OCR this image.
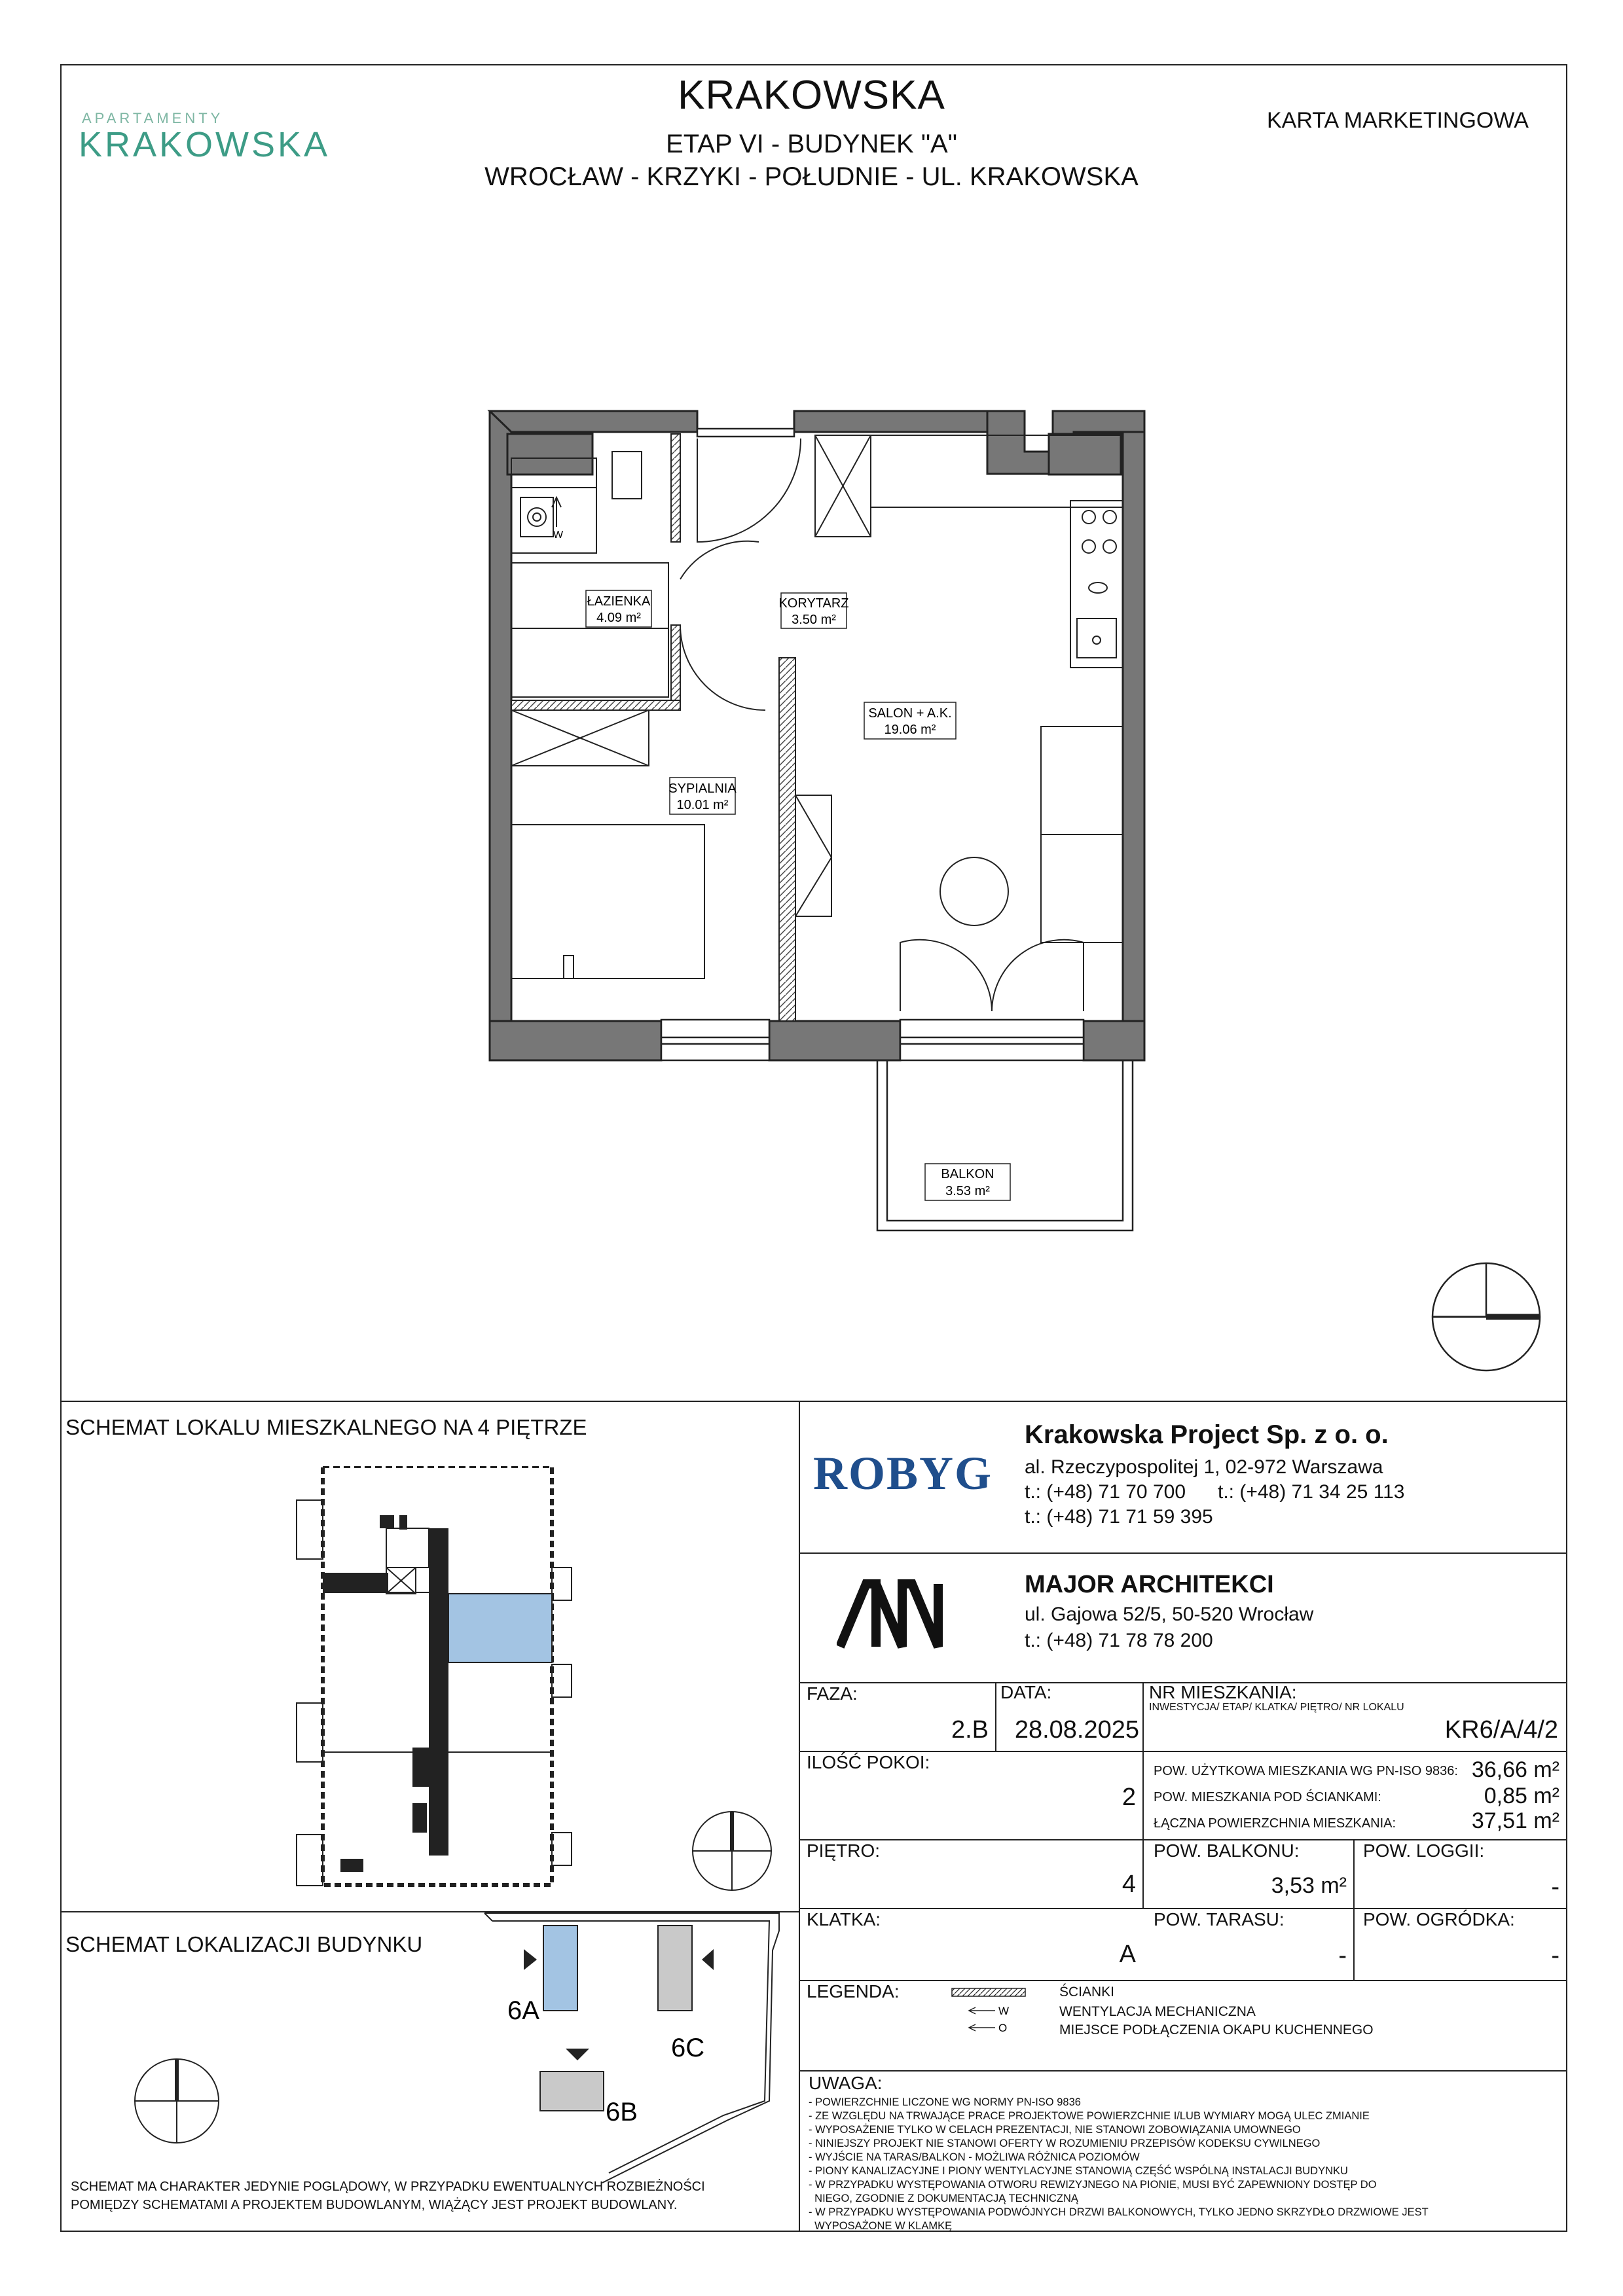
APARTAMENTY
KRAKOWSKA
KRAKOWSKA
ETAP VI - BUDYNEK "A"
WROCŁAW - KRZYKI - POŁUDNIE - UL. KRAKOWSKA
KARTA MARKETINGOWA
W
ŁAZIENKA
4.09 m²
KORYTARZ
3.50 m²
SALON + A.K.
19.06 m²
SYPIALNIA
10.01 m²
BALKON
3.53 m²
SCHEMAT LOKALU MIESZKALNEGO NA 4 PIĘTRZE
SCHEMAT LOKALIZACJI BUDYNKU
6A
6C
6B
SCHEMAT MA CHARAKTER JEDYNIE POGLĄDOWY, W PRZYPADKU EWENTUALNYCH ROZBIEŻNOŚCI
POMIĘDZY SCHEMATAMI A PROJEKTEM BUDOWLANYM, WIĄŻĄCY JEST PROJEKT BUDOWLANY.
ROBYG
Krakowska Project Sp. z o. o.
al. Rzeczypospolitej 1, 02-972 Warszawa
t.: (+48) 71 70 700 t.: (+48) 71 34 25 113
t.: (+48) 71 71 59 395
MAJOR ARCHITEKCI
ul. Gajowa 52/5, 50-520 Wrocław
t.: (+48) 71 78 78 200
FAZA:
2.B
DATA:
28.08.2025
NR MIESZKANIA:
INWESTYCJA/ ETAP/ KLATKA/ PIĘTRO/ NR LOKALU
KR6/A/4/2
ILOŚĆ POKOI:
2
POW. UŻYTKOWA MIESZKANIA WG PN-ISO 9836: 36,66 m²
POW. MIESZKANIA POD ŚCIANKAMI:	0,85 m²
ŁĄCZNA POWIERZCHNIA MIESZKANIA:	37,51 m²
PIĘTRO:
4
POW. BALKONU:
3,53 m²
POW. LOGGII:
-
KLATKA:
A
POW. TARASU:
-
POW. OGRÓDKA:
-
LEGENDA:
W
O
ŚCIANKI
WENTYLACJA MECHANICZNA
MIEJSCE PODŁĄCZENIA OKAPU KUCHENNEGO
UWAGA:
- POWIERZCHNIE LICZONE WG NORMY PN-ISO 9836
- ZE WZGLĘDU NA TRWAJĄCE PRACE PROJEKTOWE POWIERZCHNIE I/LUB WYMIARY MOGĄ ULEC ZMIANIE
- WYPOSAŻENIE TYLKO W CELACH PREZENTACJI, NIE STANOWI ZOBOWIĄZANIA UMOWNEGO
- NINIEJSZY PROJEKT NIE STANOWI OFERTY W ROZUMIENIU PRZEPISÓW KODEKSU CYWILNEGO
- WYJŚCIE NA TARAS/BALKON - MOŻLIWA RÓŻNICA POZIOMÓW
- PIONY KANALIZACYJNE I PIONY WENTYLACYJNE STANOWIĄ CZĘŚĆ WSPÓLNĄ INSTALACJI BUDYNKU
- W PRZYPADKU WYSTĘPOWANIA OTWORU REWIZYJNEGO NA PIONIE, MUSI BYĆ ZAPEWNIONY DOSTĘP DO
NIEGO, ZGODNIE Z DOKUMENTACJĄ TECHNICZNĄ
- W PRZYPADKU WYSTĘPOWANIA PODWÓJNYCH DRZWI BALKONOWYCH, TYLKO JEDNO SKRZYDŁO DRZWIOWE JEST
WYPOSAŻONE W KLAMKĘ
